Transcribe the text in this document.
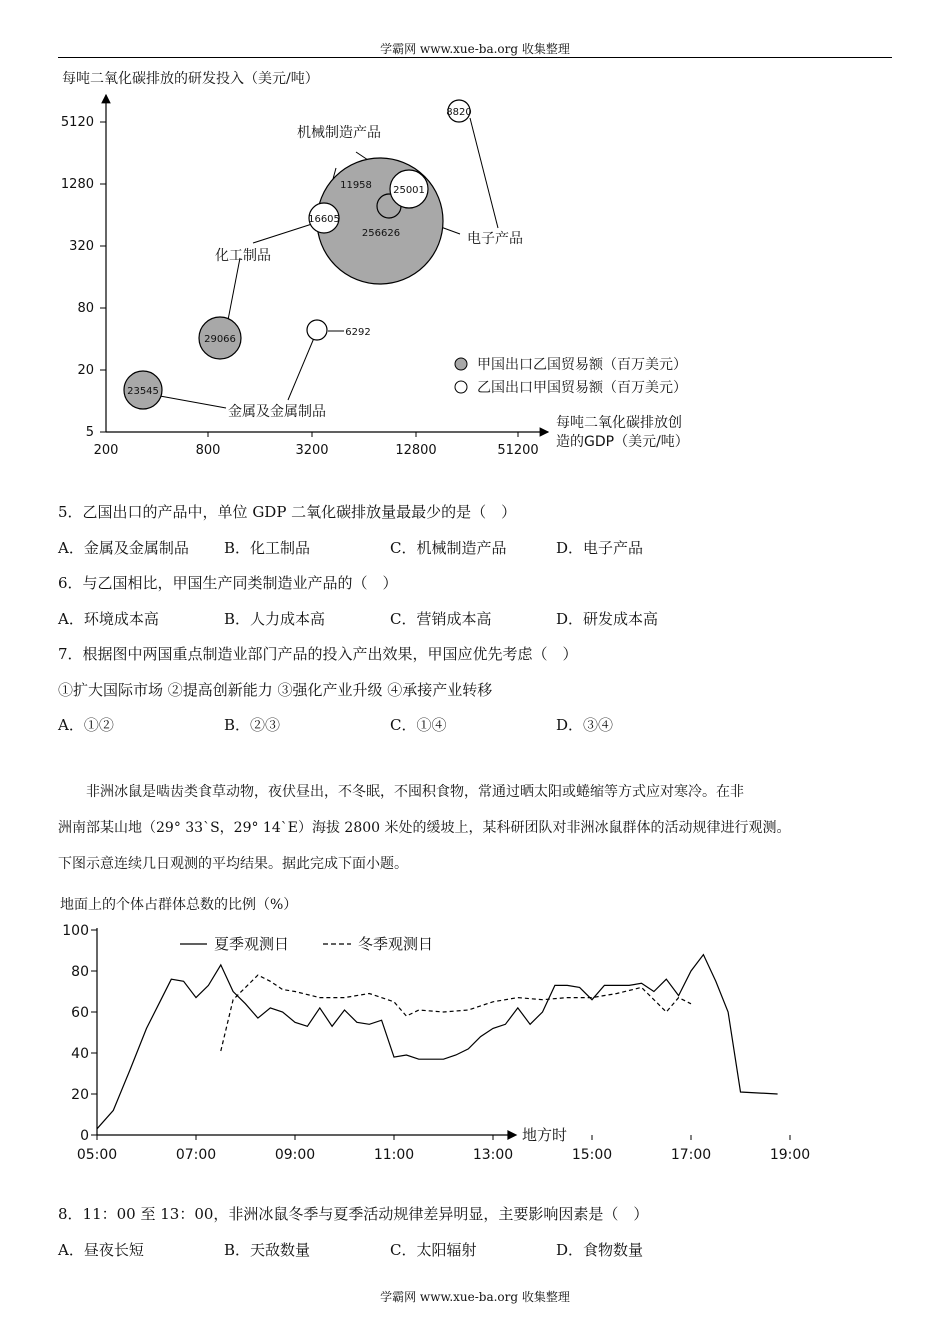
学霸网 www.xue-ba.org 收集整理
每吨二氧化碳排放的研发投入（美元/吨）
5
20
80
320
1280
5120
200	800	3200	12800	51200
每吨二氧化碳排放创
造的GDP（美元/吨）
256626
11958 25001
16605
8820
29066
23545
6292
机械制造产品
化工制品
电子产品
金属及金属制品
甲国出口乙国贸易额（百万美元）
乙国出口甲国贸易额（百万美元）
5．乙国出口的产品中，单位 GDP 二氧化碳排放量最最少的是（　）
A．金属及金属制品 B．化工制品	C．机械制造产品	D．电子产品
6．与乙国相比，甲国生产同类制造业产品的（　）
A．环境成本高	B．人力成本高	C．营销成本高	D．研发成本高
7．根据图中两国重点制造业部门产品的投入产出效果，甲国应优先考虑（　）
①扩大国际市场 ②提高创新能力 ③强化产业升级 ④承接产业转移
A．①②	B．②③	C．①④	D．③④

　　非洲冰鼠是啮齿类食草动物，夜伏昼出，不冬眠，不囤积食物，常通过晒太阳或蜷缩等方式应对寒冷。在非

洲南部某山地（29° 33`S，29° 14`E）海拔 2800 米处的缓坡上，某科研团队对非洲冰鼠群体的活动规律进行观测。

下图示意连续几日观测的平均结果。据此完成下面小题。

地面上的个体占群体总数的比例（%）
0
20
40
60
80
100
05:00	07:00	09:00	11:00	13:00	15:00	17:00	19:00
地方时
夏季观测日	冬季观测日
8．11：00 至 13：00，非洲冰鼠冬季与夏季活动规律差异明显，主要影响因素是（　）
A．昼夜长短	B．天敌数量	C．太阳辐射	D．食物数量
学霸网 www.xue-ba.org 收集整理
